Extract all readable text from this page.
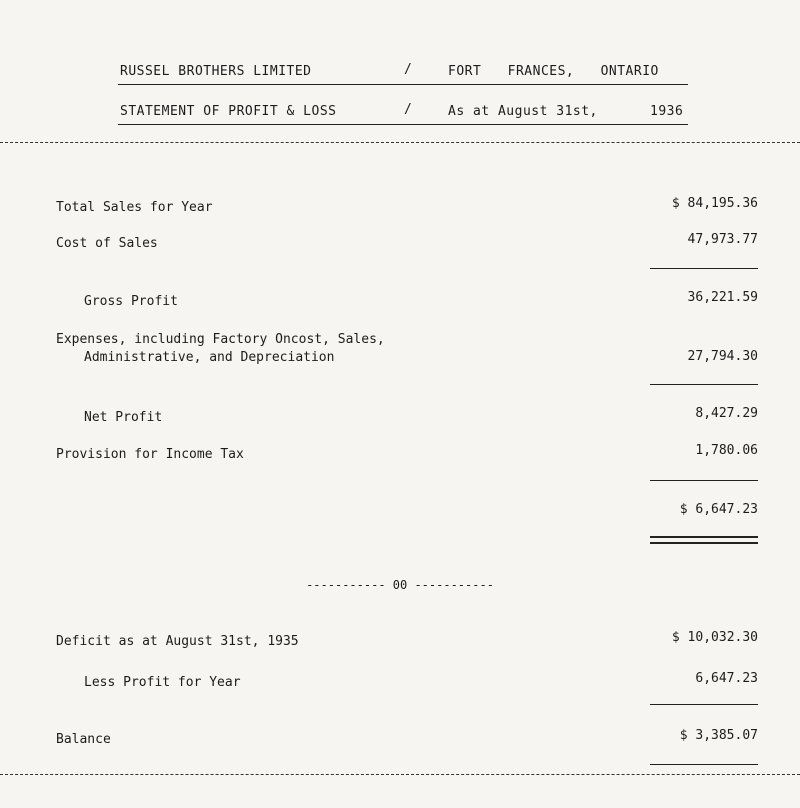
RUSSEL BROTHERS LIMITED	/	FORT FRANCES, ONTARIO
STATEMENT OF PROFIT & LOSS	/	As at August 31st,	1936
Total Sales for Year	$ 84,195.36
Cost of Sales	47,973.77
Gross Profit	36,221.59
Expenses, including Factory Oncost, Sales,
Administrative, and Depreciation	27,794.30
Net Profit	8,427.29
Provision for Income Tax	1,780.06
$ 6,647.23
----------- 00 -----------
Deficit as at August 31st, 1935	$ 10,032.30
Less Profit for Year	6,647.23
Balance	$ 3,385.07
